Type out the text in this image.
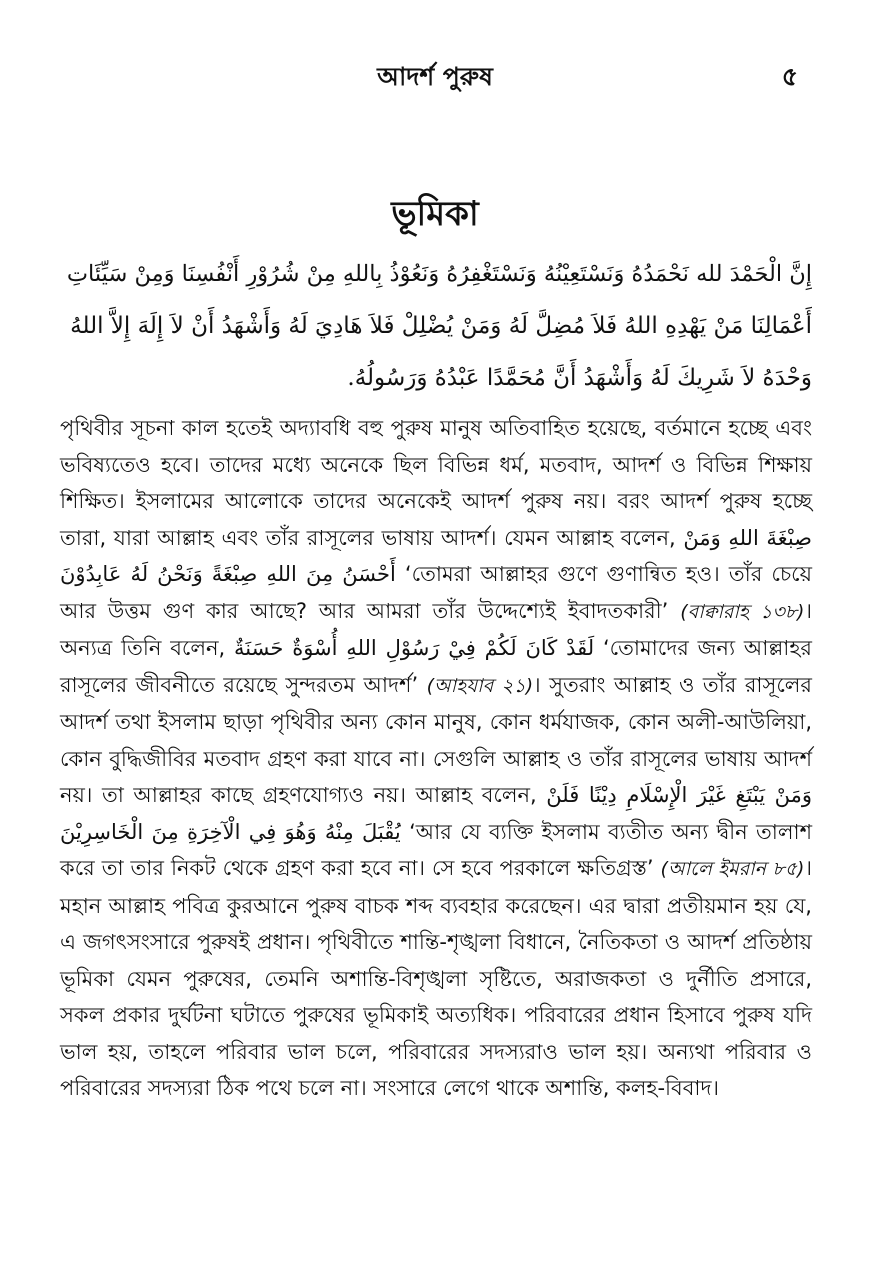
আদর্শ পুরুষ	৫
ভূমিকা
إِنَّ الْحَمْدَ لله نَحْمَدُهُ وَنَسْتَعِيْنُهُ وَنَسْتَغْفِرُهُ وَنَعُوْذُ بِاللهِ مِنْ شُرُوْرِ أَنْفُسِنَا وَمِنْ سَيِّئَاتِ
أَعْمَالِنَا مَنْ يَهْدِهِ اللهُ فَلاَ مُضِلَّ لَهُ وَمَنْ يُضْلِلْ فَلاَ هَادِيَ لَهُ وَأَشْهَدُ أَنْ لاَ إِلَهَ إِلاَّ اللهُ
وَحْدَهُ لاَ شَرِيكَ لَهُ وَأَشْهَدُ أَنَّ مُحَمَّدًا عَبْدُهُ وَرَسُولُهُ.

পৃথিবীর সূচনা কাল হতেই অদ্যাবধি বহু পুরুষ মানুষ অতিবাহিত হয়েছে, বর্তমানে হচ্ছে এবং ভবিষ্যতেও হবে। তাদের মধ্যে অনেকে ছিল বিভিন্ন ধর্ম, মতবাদ, আদর্শ ও বিভিন্ন শিক্ষায় শিক্ষিত। ইসলামের আলোকে তাদের অনেকেই আদর্শ পুরুষ নয়। বরং আদর্শ পুরুষ হচ্ছে তারা, যারা আল্লাহ এবং তাঁর রাসূলের ভাষায় আদর্শ। যেমন আল্লাহ বলেন, صِبْغَةَ اللهِ وَمَنْ أَحْسَنُ مِنَ اللهِ صِبْغَةً وَنَحْنُ لَهُ عَابِدُوْنَ ‘তোমরা আল্লাহর গুণে গুণান্বিত হও। তাঁর চেয়ে আর উত্তম গুণ কার আছে? আর আমরা তাঁর উদ্দেশ্যেই ইবাদতকারী’ (বাক্বারাহ ১৩৮)। অন্যত্র তিনি বলেন, لَقَدْ كَانَ لَكُمْ فِيْ رَسُوْلِ اللهِ أُسْوَةٌ حَسَنَةٌ ‘তোমাদের জন্য আল্লাহর রাসূলের জীবনীতে রয়েছে সুন্দরতম আদর্শ’ (আহযাব ২১)। সুতরাং আল্লাহ ও তাঁর রাসূলের আদর্শ তথা ইসলাম ছাড়া পৃথিবীর অন্য কোন মানুষ, কোন ধর্মযাজক, কোন অলী-আউলিয়া, কোন বুদ্ধিজীবির মতবাদ গ্রহণ করা যাবে না। সেগুলি আল্লাহ ও তাঁর রাসূলের ভাষায় আদর্শ নয়। তা আল্লাহর কাছে গ্রহণযোগ্যও নয়। আল্লাহ বলেন, وَمَنْ يَبْتَغِ غَيْرَ الْإِسْلَامِ دِيْنًا فَلَنْ يُقْبَلَ مِنْهُ وَهُوَ فِي الْآخِرَةِ مِنَ الْخَاسِرِيْنَ ‘আর যে ব্যক্তি ইসলাম ব্যতীত অন্য দ্বীন তালাশ করে তা তার নিকট থেকে গ্রহণ করা হবে না। সে হবে পরকালে ক্ষতিগ্রস্ত’ (আলে ইমরান ৮৫)। মহান আল্লাহ পবিত্র কুরআনে পুরুষ বাচক শব্দ ব্যবহার করেছেন। এর দ্বারা প্রতীয়মান হয় যে, এ জগৎসংসারে পুরুষই প্রধান। পৃথিবীতে শান্তি-শৃঙ্খলা বিধানে, নৈতিকতা ও আদর্শ প্রতিষ্ঠায় ভূমিকা যেমন পুরুষের, তেমনি অশান্তি-বিশৃঙ্খলা সৃষ্টিতে, অরাজকতা ও দুর্নীতি প্রসারে, সকল প্রকার দুর্ঘটনা ঘটাতে পুরুষের ভূমিকাই অত্যধিক। পরিবারের প্রধান হিসাবে পুরুষ যদি ভাল হয়, তাহলে পরিবার ভাল চলে, পরিবারের সদস্যরাও ভাল হয়। অন্যথা পরিবার ও পরিবারের সদস্যরা ঠিক পথে চলে না। সংসারে লেগে থাকে অশান্তি, কলহ-বিবাদ।
